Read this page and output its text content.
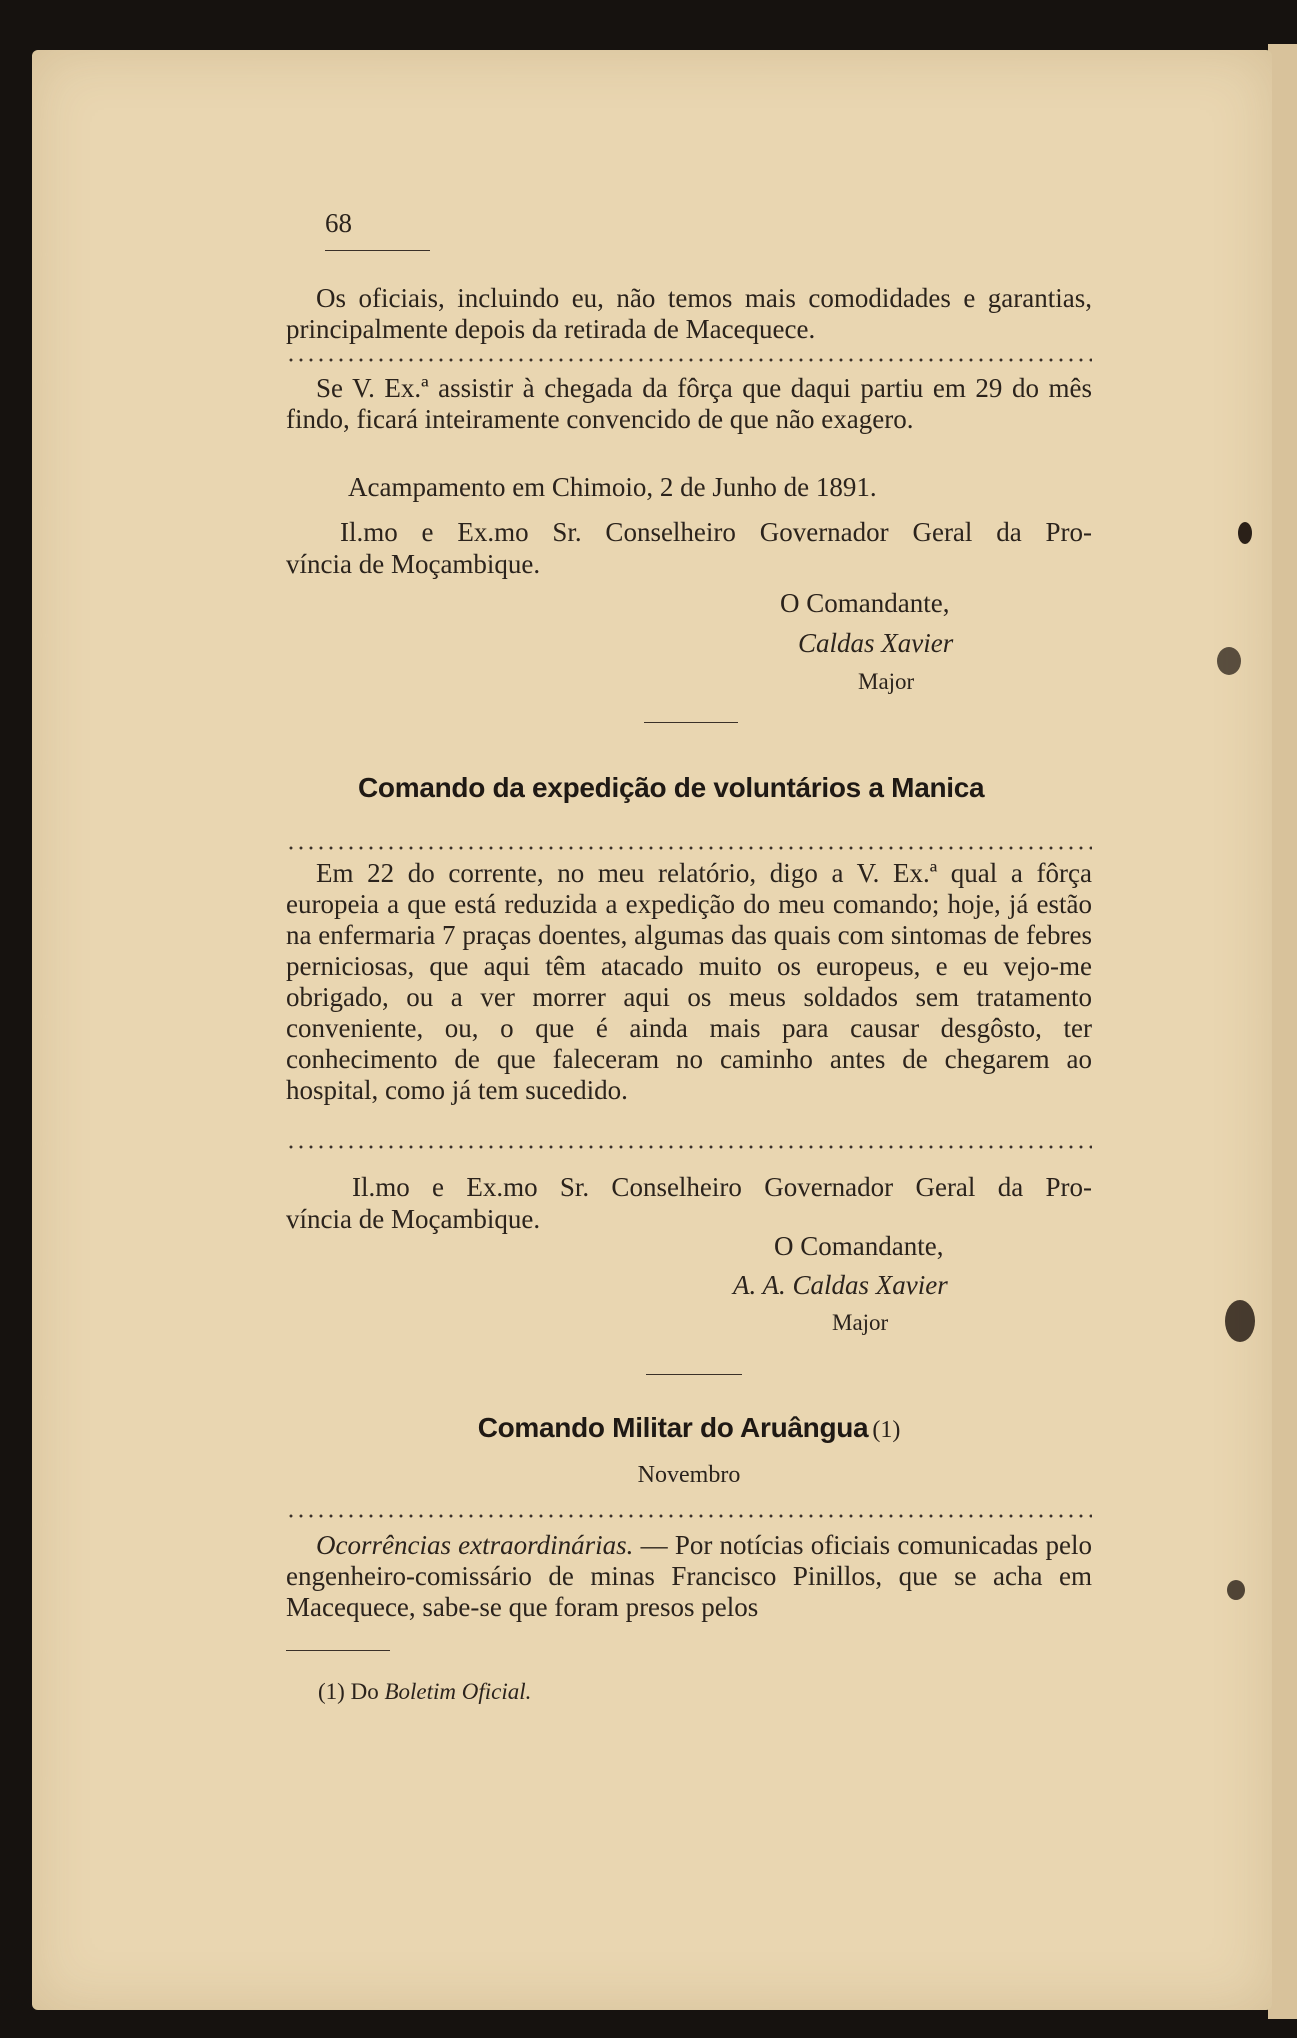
68
Os oficiais, incluindo eu, não temos mais comodidades e garantias, principalmente depois da retirada de Macequece.
Se V. Ex.ª assistir à chegada da fôrça que daqui partiu em 29 do mês findo, ficará inteiramente convencido de que não exagero.
Acampamento em Chimoio, 2 de Junho de 1891.
Il.mo e Ex.mo Sr. Conselheiro Governador Geral da Pro-
víncia de Moçambique.
O Comandante,
Caldas Xavier
Major
Comando da expedição de voluntários a Manica
Em 22 do corrente, no meu relatório, digo a V. Ex.ª qual a fôrça europeia a que está reduzida a expedição do meu comando; hoje, já estão na enfermaria 7 praças doentes, algumas das quais com sintomas de febres perniciosas, que aqui têm atacado muito os europeus, e eu vejo-me obrigado, ou a ver morrer aqui os meus soldados sem tratamento conveniente, ou, o que é ainda mais para causar desgôsto, ter conhecimento de que faleceram no caminho antes de chegarem ao hospital, como já tem sucedido.
Il.mo e Ex.mo Sr. Conselheiro Governador Geral da Pro-
víncia de Moçambique.
O Comandante,
A. A. Caldas Xavier
Major
Comando Militar do Aruângua (1)
Novembro
Ocorrências extraordinárias. — Por notícias oficiais comunicadas pelo engenheiro-comissário de minas Francisco Pinillos, que se acha em Macequece, sabe-se que foram presos pelos
(1) Do Boletim Oficial.
